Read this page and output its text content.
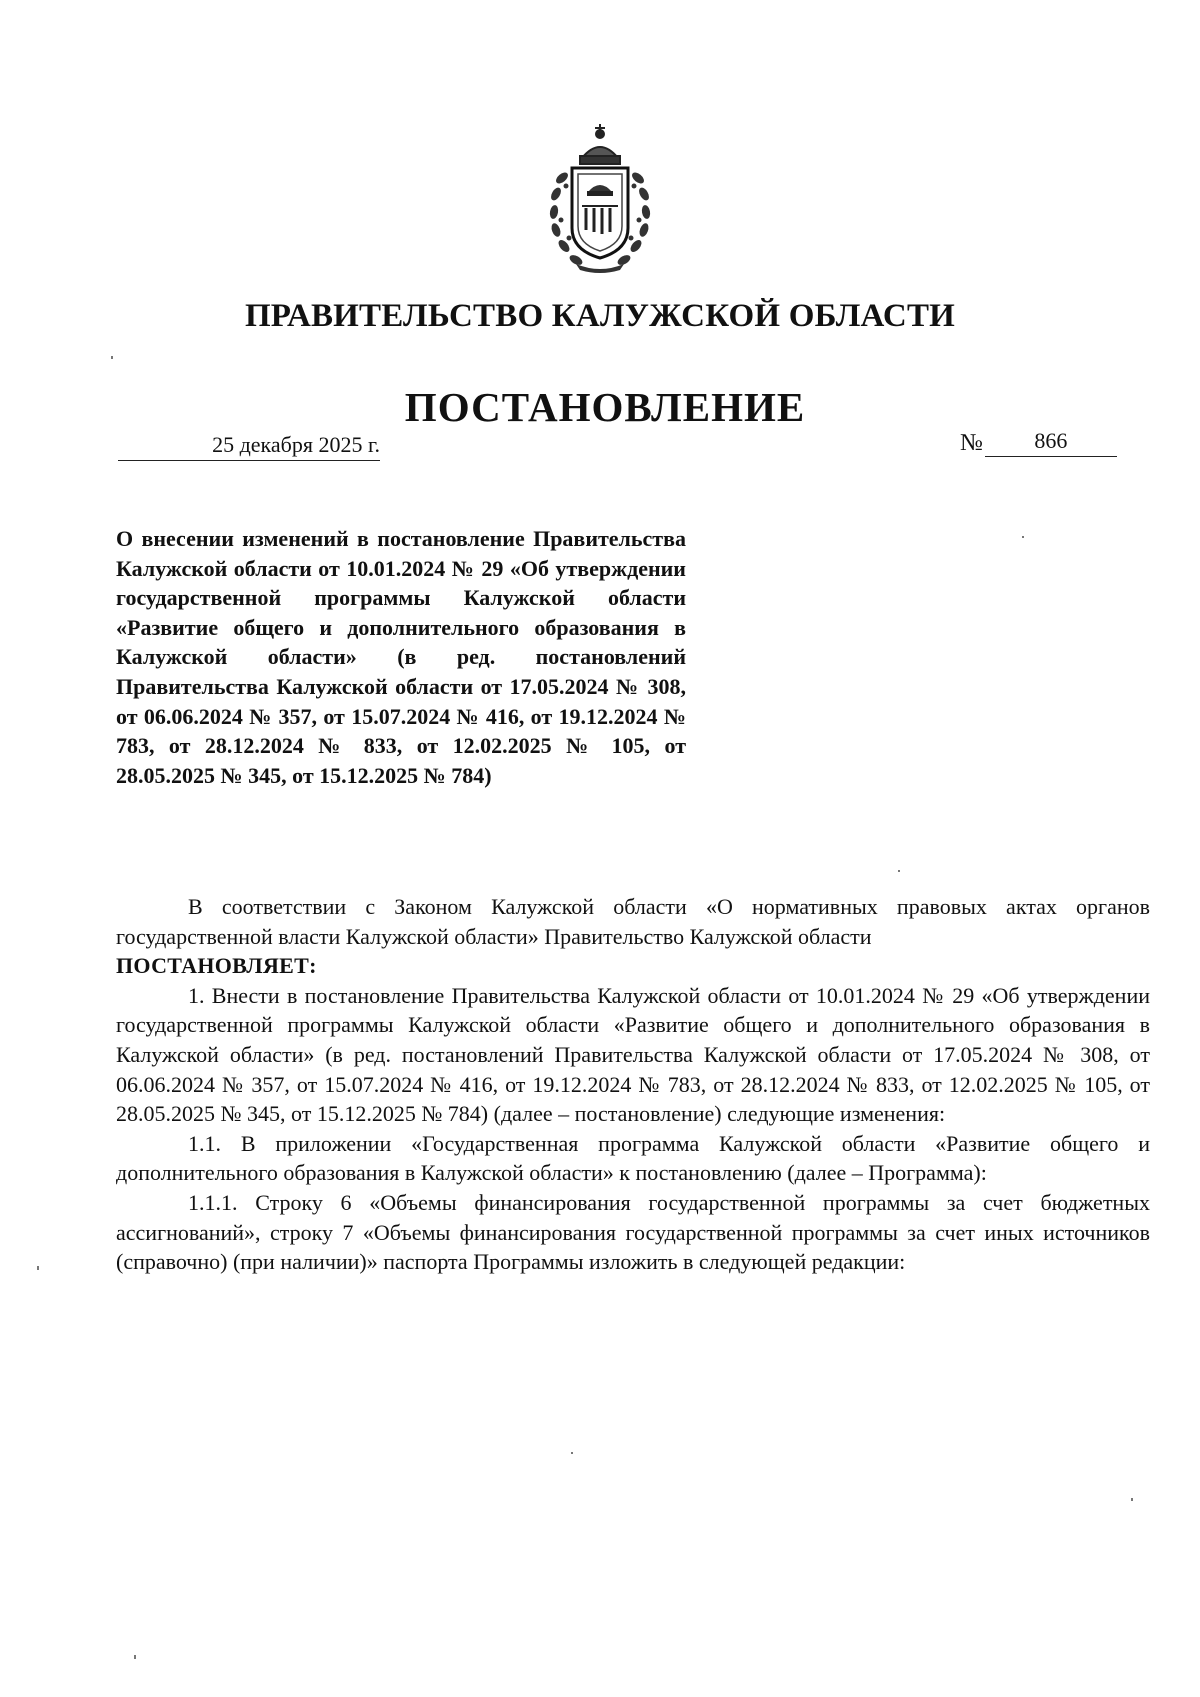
ПРАВИТЕЛЬСТВО КАЛУЖСКОЙ ОБЛАСТИ
ПОСТАНОВЛЕНИЕ
25 декабря 2025 г.	№	866
О внесении изменений в постановление Правительства Калужской области от 10.01.2024 № 29 «Об утверждении государственной программы Калужской области «Развитие общего и дополнительного образования в Калужской области» (в ред. постановлений Правительства Калужской области от 17.05.2024 № 308, от 06.06.2024 № 357, от 15.07.2024 № 416, от 19.12.2024 № 783, от 28.12.2024 № 833, от 12.02.2025 № 105, от 28.05.2025 № 345, от 15.12.2025 № 784)

В соответствии с Законом Калужской области «О нормативных правовых актах органов государственной власти Калужской области» Правительство Калужской области

ПОСТАНОВЛЯЕТ:

1. Внести в постановление Правительства Калужской области от 10.01.2024 № 29 «Об утверждении государственной программы Калужской области «Развитие общего и дополнительного образования в Калужской области» (в ред. постановлений Правительства Калужской области от 17.05.2024 № 308, от 06.06.2024 № 357, от 15.07.2024 № 416, от 19.12.2024 № 783, от 28.12.2024 № 833, от 12.02.2025 № 105, от 28.05.2025 № 345, от 15.12.2025 № 784) (далее – постановление) следующие изменения:

1.1. В приложении «Государственная программа Калужской области «Развитие общего и дополнительного образования в Калужской области» к постановлению (далее – Программа):

1.1.1. Строку 6 «Объемы финансирования государственной программы за счет бюджетных ассигнований», строку 7 «Объемы финансирования государственной программы за счет иных источников (справочно) (при наличии)» паспорта Программы изложить в следующей редакции:
